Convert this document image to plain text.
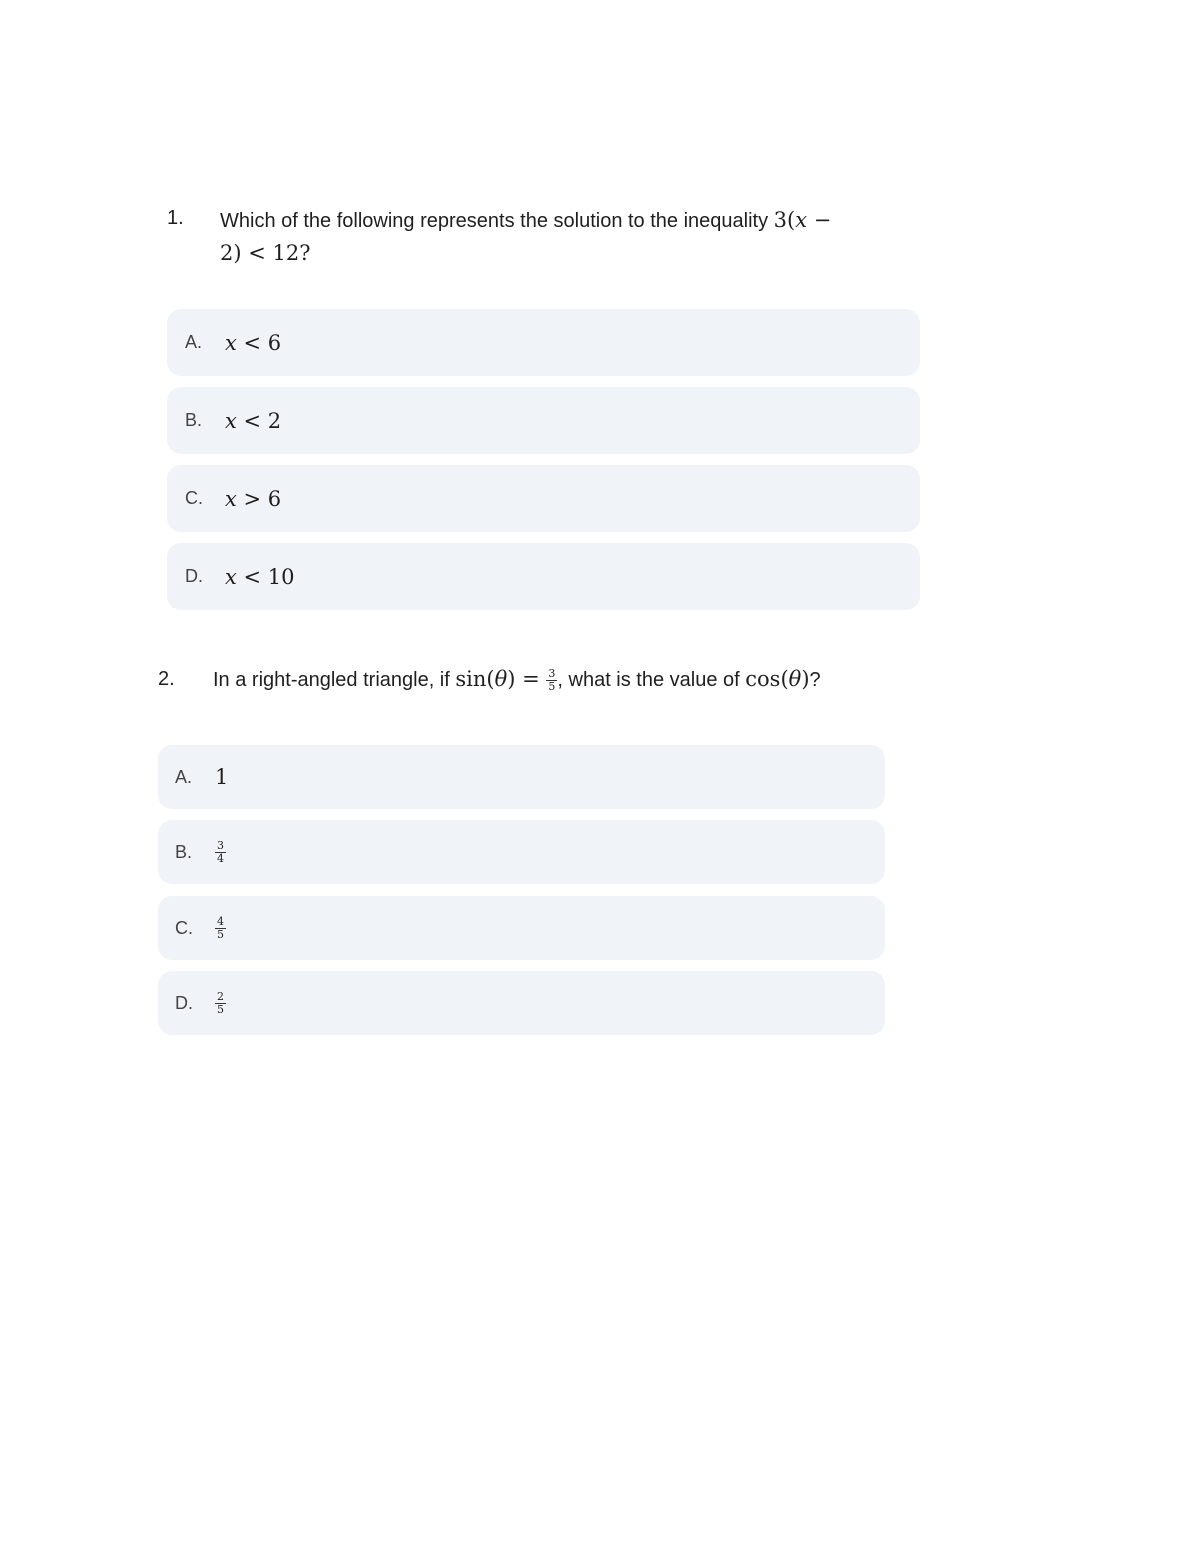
1. Which of the following represents the solution to the inequality 3(x −
2) < 12?
A.	x < 6
B.	x < 2
C.	x > 6
D.	x < 10
2. In a right-angled triangle, if $\sin(\theta) = \frac{3}{5}$ , what is the value of cos(θ)?
A.	1
B.	$\frac{3}{4}$
C.	$\frac{4}{5}$
D.	$\frac{2}{5}$
